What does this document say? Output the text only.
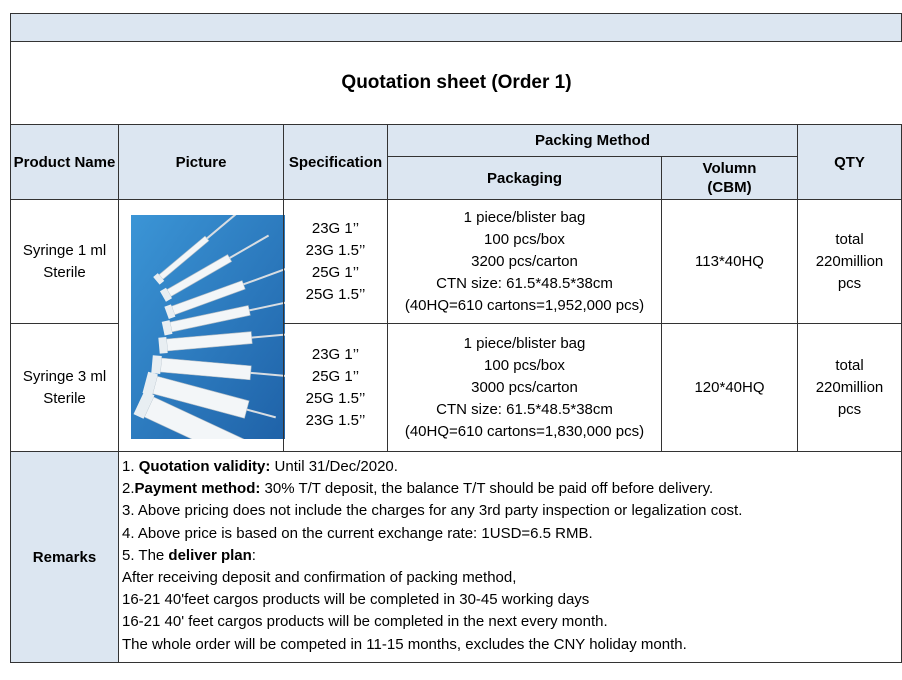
Quotation sheet (Order 1)
Product Name	Picture	Specification
Packing Method
Packaging
Volumn
(CBM)
QTY
Syringe 1 ml
Sterile
23G 1’’
23G 1.5’’
25G 1’’
25G 1.5’’
1 piece/blister bag
100 pcs/box
3200 pcs/carton
CTN size: 61.5*48.5*38cm
(40HQ=610 cartons=1,952,000 pcs)
113*40HQ
total
220million
pcs
Syringe 3 ml
Sterile
23G 1’’
25G 1’’
25G 1.5’’
23G 1.5’’
1 piece/blister bag
100 pcs/box
3000 pcs/carton
CTN size: 61.5*48.5*38cm
(40HQ=610 cartons=1,830,000 pcs)
120*40HQ
total
220million
pcs
Remarks
1. Quotation validity: Until 31/Dec/2020.
2.Payment method: 30% T/T deposit, the balance T/T should be paid off before delivery.
3. Above pricing does not include the charges for any 3rd party inspection or legalization cost.
4. Above price is based on the current exchange rate: 1USD=6.5 RMB.
5. The deliver plan:
After receiving deposit and confirmation of packing method,
16-21 40'feet cargos products will be completed in 30-45 working days
16-21 40' feet cargos products will be completed in the next every month.
The whole order will be competed in 11-15 months, excludes the CNY holiday month.
